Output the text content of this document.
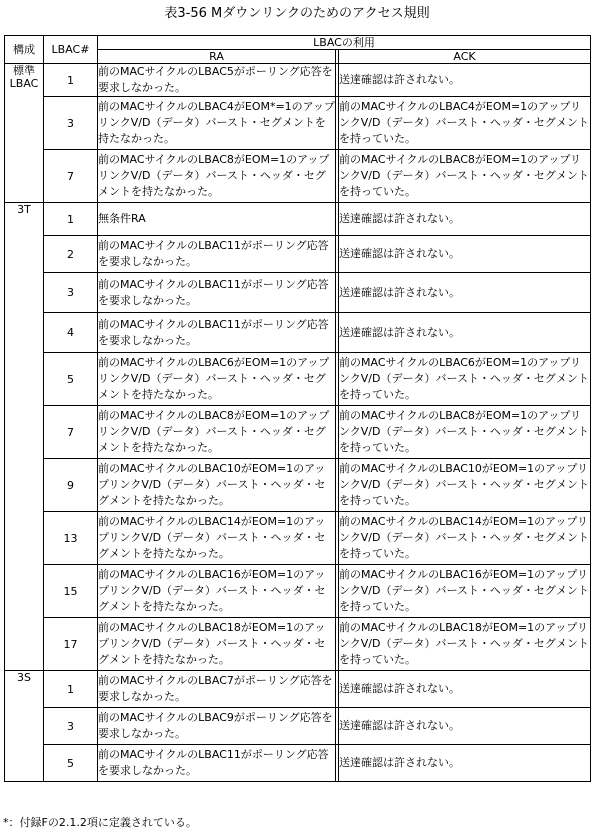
表3-56 Mダウンリンクのためのアクセス規則
構成	LBAC#	LBACの利用		
		RA		ACK
標準
LBAC	1	前のMACサイクルのLBAC5がポーリング応答を要求しなかった。		送達確認は許されない。
	3	前のMACサイクルのLBAC4がEOM*=1のアップリンクV/D（データ）バースト・セグメントを持たなかった。		前のMACサイクルのLBAC4がEOM=1のアップリンクV/D（データ）バースト・ヘッダ・セグメントを持っていた。
	7	前のMACサイクルのLBAC8がEOM=1のアップリンクV/D（データ）バースト・ヘッダ・セグメントを持たなかった。		前のMACサイクルのLBAC8がEOM=1のアップリンクV/D（データ）バースト・ヘッダ・セグメントを持っていた。
3T	1	無条件RA		送達確認は許されない。
	2	前のMACサイクルのLBAC11がポーリング応答を要求しなかった。		送達確認は許されない。
	3	前のMACサイクルのLBAC11がポーリング応答を要求しなかった。		送達確認は許されない。
	4	前のMACサイクルのLBAC11がポーリング応答を要求しなかった。		送達確認は許されない。
	5	前のMACサイクルのLBAC6がEOM=1のアップリンクV/D（データ）バースト・ヘッダ・セグメントを持たなかった。		前のMACサイクルのLBAC6がEOM=1のアップリンクV/D（データ）バースト・ヘッダ・セグメントを持っていた。
	7	前のMACサイクルのLBAC8がEOM=1のアップリンクV/D（データ）バースト・ヘッダ・セグメントを持たなかった。		前のMACサイクルのLBAC8がEOM=1のアップリンクV/D（データ）バースト・ヘッダ・セグメントを持っていた。
	9	前のMACサイクルのLBAC10がEOM=1のアップリンクV/D（データ）バースト・ヘッダ・セグメントを持たなかった。		前のMACサイクルのLBAC10がEOM=1のアップリンクV/D（データ）バースト・ヘッダ・セグメントを持っていた。
	13	前のMACサイクルのLBAC14がEOM=1のアップリンクV/D（データ）バースト・ヘッダ・セグメントを持たなかった。		前のMACサイクルのLBAC14がEOM=1のアップリンクV/D（データ）バースト・ヘッダ・セグメントを持っていた。
	15	前のMACサイクルのLBAC16がEOM=1のアップリンクV/D（データ）バースト・ヘッダ・セグメントを持たなかった。		前のMACサイクルのLBAC16がEOM=1のアップリンクV/D（データ）バースト・ヘッダ・セグメントを持っていた。
	17	前のMACサイクルのLBAC18がEOM=1のアップリンクV/D（データ）バースト・ヘッダ・セグメントを持たなかった。		前のMACサイクルのLBAC18がEOM=1のアップリンクV/D（データ）バースト・ヘッダ・セグメントを持っていた。
3S	1	前のMACサイクルのLBAC7がポーリング応答を要求しなかった。		送達確認は許されない。
	3	前のMACサイクルのLBAC9がポーリング応答を要求しなかった。		送達確認は許されない。
	5	前のMACサイクルのLBAC11がポーリング応答を要求しなかった。		送達確認は許されない。
*：付録Fの2.1.2項に定義されている。
